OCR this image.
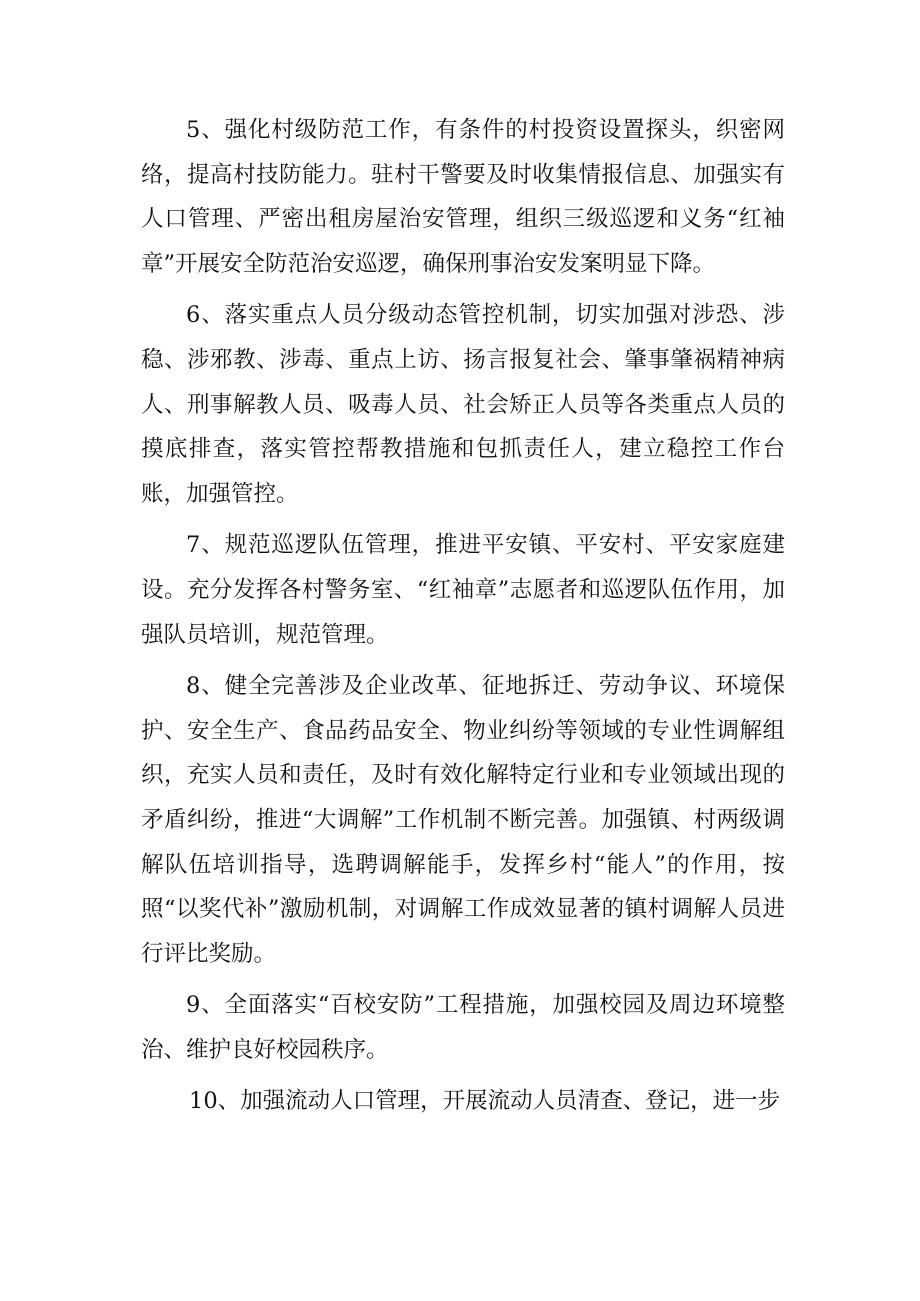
5、强化村级防范工作，有条件的村投资设置探头，织密网络，提高村技防能力。驻村干警要及时收集情报信息、加强实有人口管理、严密出租房屋治安管理，组织三级巡逻和义务“红袖章”开展安全防范治安巡逻，确保刑事治安发案明显下降。

6、落实重点人员分级动态管控机制，切实加强对涉恐、涉稳、涉邪教、涉毒、重点上访、扬言报复社会、肇事肇祸精神病人、刑事解教人员、吸毒人员、社会矫正人员等各类重点人员的摸底排查，落实管控帮教措施和包抓责任人，建立稳控工作台账，加强管控。

7、规范巡逻队伍管理，推进平安镇、平安村、平安家庭建设。充分发挥各村警务室、“红袖章”志愿者和巡逻队伍作用，加强队员培训，规范管理。

8、健全完善涉及企业改革、征地拆迁、劳动争议、环境保护、安全生产、食品药品安全、物业纠纷等领域的专业性调解组织，充实人员和责任，及时有效化解特定行业和专业领域出现的矛盾纠纷，推进“大调解”工作机制不断完善。加强镇、村两级调解队伍培训指导，选聘调解能手，发挥乡村“能人”的作用，按照“以奖代补”激励机制，对调解工作成效显著的镇村调解人员进行评比奖励。

9、全面落实“百校安防”工程措施，加强校园及周边环境整治、维护良好校园秩序。

10、加强流动人口管理，开展流动人员清查、登记，进一步
